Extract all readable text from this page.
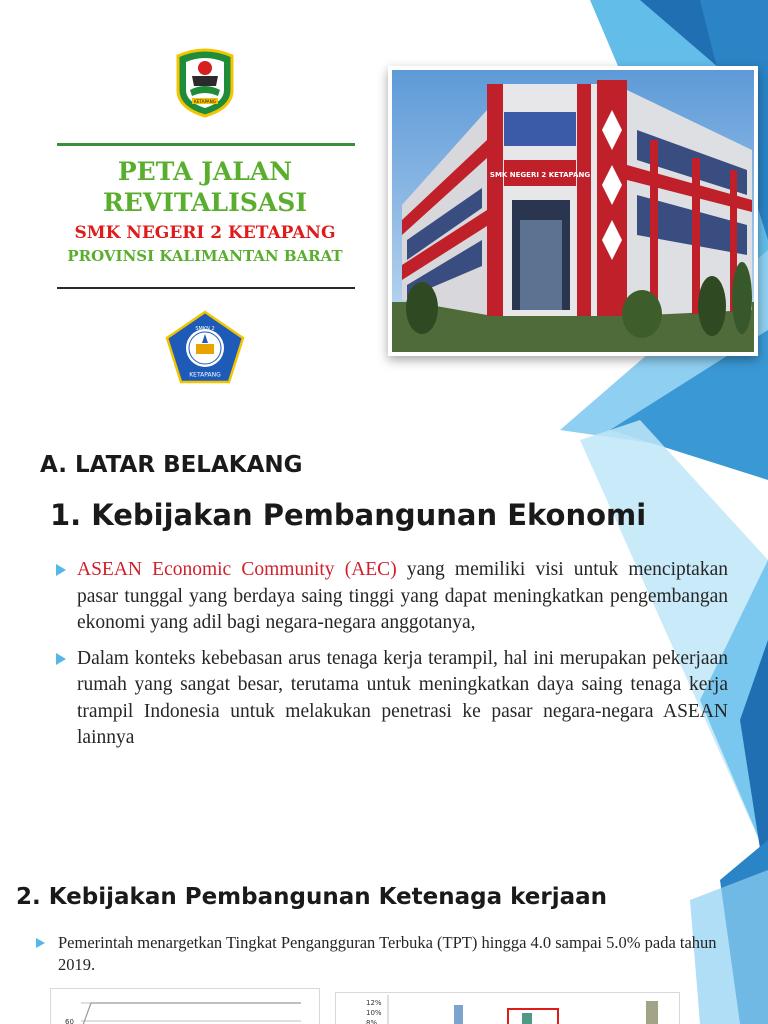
KETAPANG
PETA JALAN
REVITALISASI
SMK NEGERI 2 KETAPANG
PROVINSI KALIMANTAN BARAT
SMKN 2
KETAPANG
SMK NEGERI 2 KETAPANG
A. LATAR BELAKANG
1. Kebijakan Pembangunan Ekonomi
ASEAN Economic Community (AEC) yang memiliki visi untuk menciptakan pasar tunggal yang berdaya saing tinggi yang dapat meningkatkan pengembangan ekonomi yang adil bagi negara-negara anggotanya,
Dalam konteks kebebasan arus tenaga kerja terampil, hal ini merupakan pekerjaan rumah yang sangat besar, terutama untuk meningkatkan daya saing tenaga kerja trampil Indonesia untuk melakukan penetrasi ke pasar negara-negara ASEAN lainnya
2. Kebijakan Pembangunan Ketenaga kerjaan
Pemerintah menargetkan Tingkat Pengangguran Terbuka (TPT) hingga 4.0 sampai 5.0% pada tahun 2019.
60
12%
10%
8%
